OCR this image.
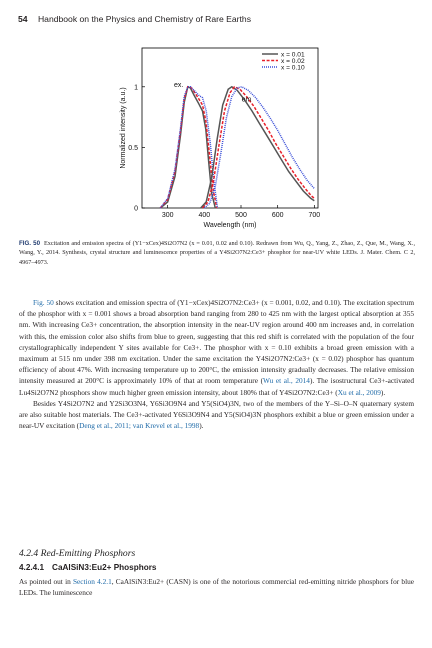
54 Handbook on the Physics and Chemistry of Rare Earths
300	400	500	600	700
0
0.5
1
Wavelength (nm)
Normalized intensity (a.u.)
ex.
em
x = 0.01
x = 0.02
x = 0.10
FIG. 50 Excitation and emission spectra of (Y1−xCex)4Si2O7N2 (x = 0.01, 0.02 and 0.10). Redrawn from Wu, Q., Yang, Z., Zhao, Z., Que, M., Wang, X., Wang, Y., 2014. Synthesis, crystal structure and luminescence properties of a Y4Si2O7N2:Ce3+ phosphor for near-UV white LEDs. J. Mater. Chem. C 2, 4967–4973.

Fig. 50 shows excitation and emission spectra of (Y1−xCex)4Si2O7N2:Ce3+ (x = 0.001, 0.02, and 0.10). The excitation spectrum of the phosphor with x = 0.001 shows a broad absorption band ranging from 280 to 425 nm with the largest optical absorption at 355 nm. With increasing Ce3+ concentration, the absorption intensity in the near-UV region around 400 nm increases and, in correlation with this, the emission color also shifts from blue to green, suggesting that this red shift is correlated with the population of the four crystallographically independent Y sites available for Ce3+. The phosphor with x = 0.10 exhibits a broad green emission with a maximum at 515 nm under 398 nm excitation. Under the same excitation the Y4Si2O7N2:Ce3+ (x = 0.02) phosphor has quantum efficiency of about 47%. With increasing temperature up to 200°C, the emission intensity gradually decreases. The relative emission intensity measured at 200°C is approximately 10% of that at room temperature (Wu et al., 2014). The isostructural Ce3+-activated Lu4Si2O7N2 phosphors show much higher green emission intensity, about 180% that of Y4Si2O7N2:Ce3+ (Xu et al., 2009).

Besides Y4Si2O7N2 and Y2Si3O3N4, Y6Si3O9N4 and Y5(SiO4)3N, two of the members of the Y–Si–O–N quaternary system are also suitable host materials. The Ce3+-activated Y6Si3O9N4 and Y5(SiO4)3N phosphors exhibit a blue or green emission under a near-UV excitation (Deng et al., 2011; van Krevel et al., 1998).

4.2.4 Red-Emitting Phosphors
4.2.4.1 CaAlSiN3:Eu2+ Phosphors

As pointed out in Section 4.2.1, CaAlSiN3:Eu2+ (CASN) is one of the notorious commercial red-emitting nitride phosphors for blue LEDs. The luminescence
